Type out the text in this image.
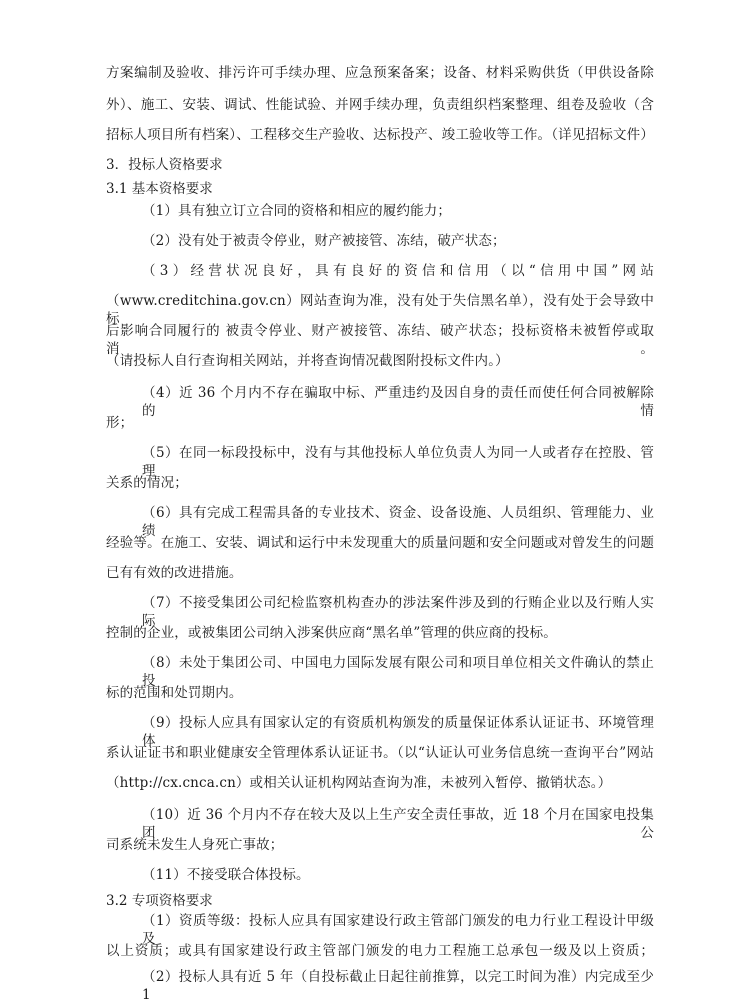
方案编制及验收、排污许可手续办理、应急预案备案；设备、材料采购供货（甲供设备除
外）、施工、安装、调试、性能试验、并网手续办理，负责组织档案整理、组卷及验收（含
招标人项目所有档案）、工程移交生产验收、达标投产、竣工验收等工作。（详见招标文件）
3．投标人资格要求
3.1 基本资格要求
（1）具有独立订立合同的资格和相应的履约能力；
（2）没有处于被责令停业，财产被接管、冻结，破产状态；
（3）经营状况良好，具有良好的资信和信用（以“信用中国”网站
（www.creditchina.gov.cn）网站查询为准，没有处于失信黑名单），没有处于会导致中标
后影响合同履行的 被责令停业、财产被接管、冻结、破产状态；投标资格未被暂停或取消。
（请投标人自行查询相关网站，并将查询情况截图附投标文件内。）
（4）近 36 个月内不存在骗取中标、严重违约及因自身的责任而使任何合同被解除的情
形；
（5）在同一标段投标中，没有与其他投标人单位负责人为同一人或者存在控股、管理
关系的情况；
（6）具有完成工程需具备的专业技术、资金、设备设施、人员组织、管理能力、业绩
经验等。在施工、安装、调试和运行中未发现重大的质量问题和安全问题或对曾发生的问题
已有有效的改进措施。
（7）不接受集团公司纪检监察机构查办的涉法案件涉及到的行贿企业以及行贿人实际
控制的企业，或被集团公司纳入涉案供应商“黑名单”管理的供应商的投标。
（8）未处于集团公司、中国电力国际发展有限公司和项目单位相关文件确认的禁止投
标的范围和处罚期内。
（9）投标人应具有国家认定的有资质机构颁发的质量保证体系认证证书、环境管理体
系认证证书和职业健康安全管理体系认证证书。（以“认证认可业务信息统一查询平台”网站
（http://cx.cnca.cn）或相关认证机构网站查询为准，未被列入暂停、撤销状态。）
（10）近 36 个月内不存在较大及以上生产安全责任事故，近 18 个月在国家电投集团公
司系统未发生人身死亡事故；
（11）不接受联合体投标。
3.2 专项资格要求
（1）资质等级：投标人应具有国家建设行政主管部门颁发的电力行业工程设计甲级及
以上资质；或具有国家建设行政主管部门颁发的电力工程施工总承包一级及以上资质；
（2）投标人具有近 5 年（自投标截止日起往前推算，以完工时间为准）内完成至少 1
